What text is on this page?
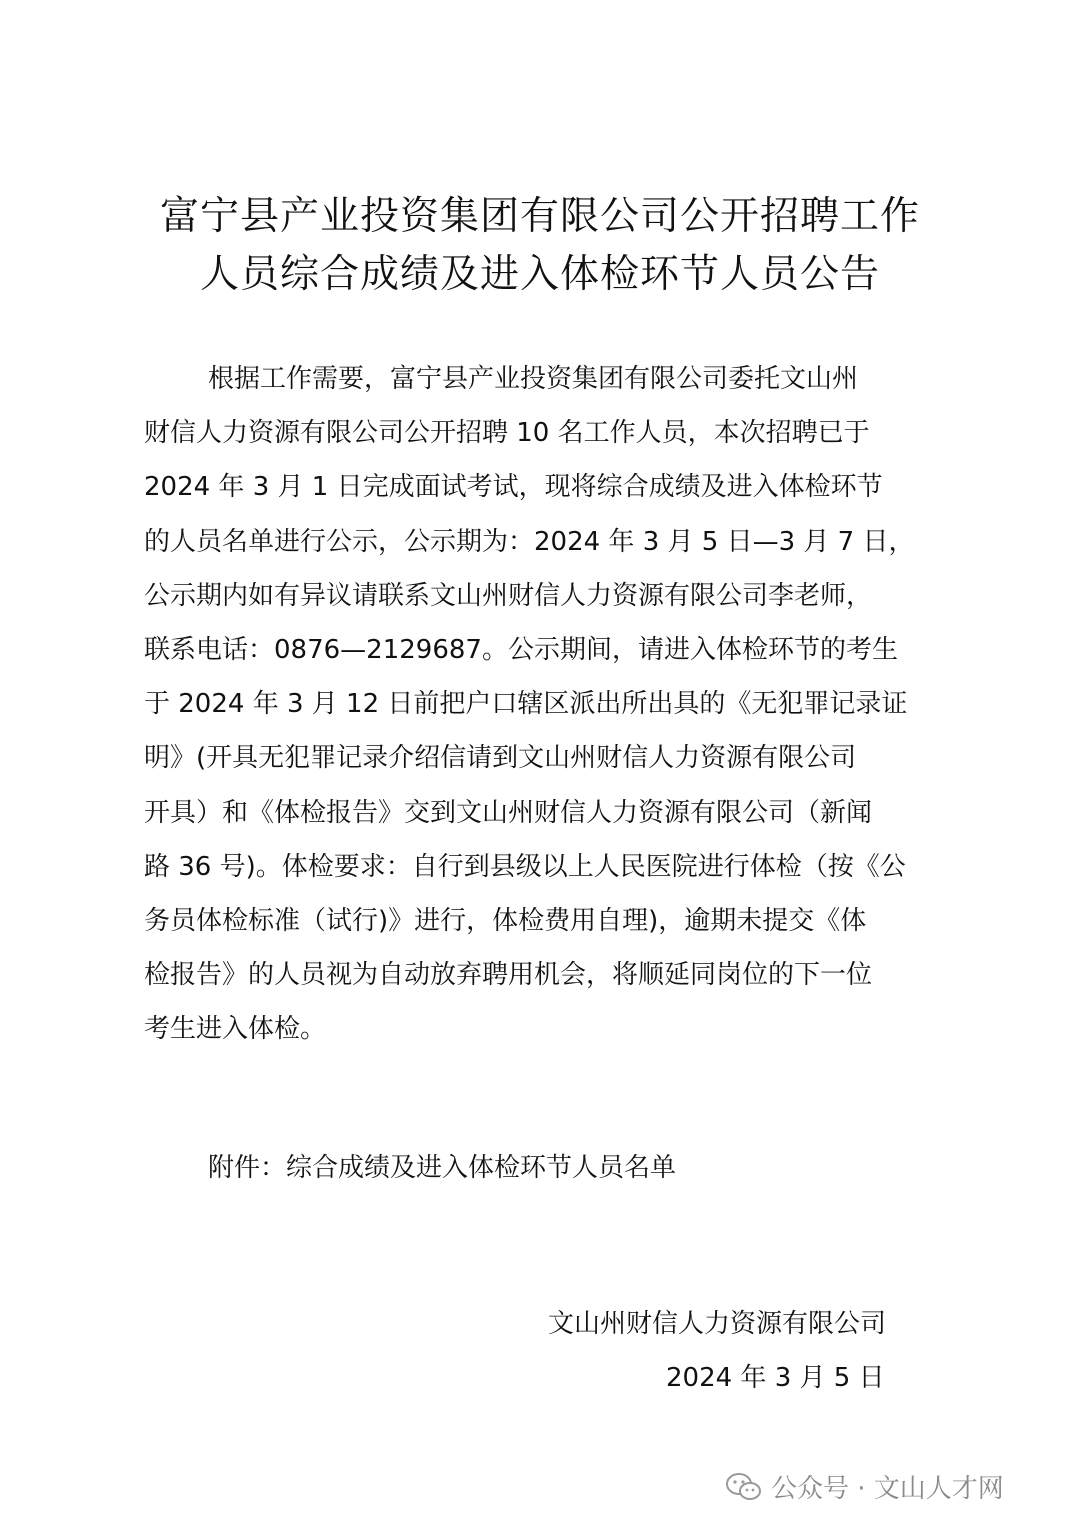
富宁县产业投资集团有限公司公开招聘工作
人员综合成绩及进入体检环节人员公告
根据工作需要，富宁县产业投资集团有限公司委托文山州
财信人力资源有限公司公开招聘 10 名工作人员，本次招聘已于
2024 年 3 月 1 日完成面试考试，现将综合成绩及进入体检环节
的人员名单进行公示，公示期为：2024 年 3 月 5 日—3 月 7 日，
公示期内如有异议请联系文山州财信人力资源有限公司李老师，
联系电话：0876—2129687。公示期间，请进入体检环节的考生
于 2024 年 3 月 12 日前把户口辖区派出所出具的《无犯罪记录证
明》(开具无犯罪记录介绍信请到文山州财信人力资源有限公司
开具）和《体检报告》交到文山州财信人力资源有限公司（新闻
路 36 号)。体检要求：自行到县级以上人民医院进行体检（按《公
务员体检标准（试行)》进行，体检费用自理)，逾期未提交《体
检报告》的人员视为自动放弃聘用机会，将顺延同岗位的下一位
考生进入体检。
附件：综合成绩及进入体检环节人员名单
文山州财信人力资源有限公司
2024 年 3 月 5 日
公众号 · 文山人才网
